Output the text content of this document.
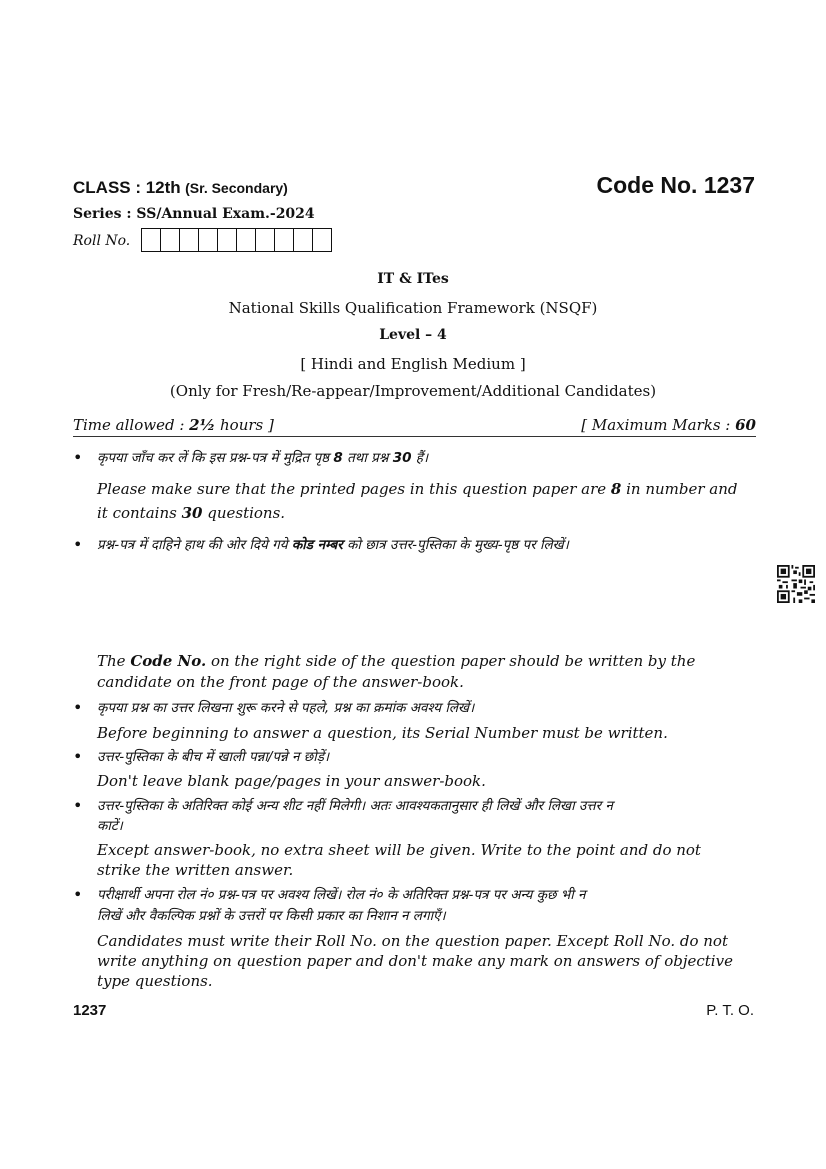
CLASS : 12th (Sr. Secondary)	Code No. 1237
Series : SS/Annual Exam.-2024
Roll No.
IT & ITes
National Skills Qualification Framework (NSQF)
Level – 4
[ Hindi and English Medium ]
(Only for Fresh/Re-appear/Improvement/Additional Candidates)
Time allowed : 2½ hours ]	[ Maximum Marks : 60
• कृपया जाँच कर लें कि इस प्रश्न-पत्र में मुद्रित पृष्ठ 8 तथा प्रश्न 30 हैं।
Please make sure that the printed pages in this question paper are 8 in number and
it contains 30 questions.
• प्रश्न-पत्र में दाहिने हाथ की ओर दिये गये कोड नम्बर को छात्र उत्तर-पुस्तिका के मुख्य-पृष्ठ पर लिखें।
The Code No. on the right side of the question paper should be written by the
candidate on the front page of the answer-book.
• कृपया प्रश्न का उत्तर लिखना शुरू करने से पहले, प्रश्न का क्रमांक अवश्य लिखें।
Before beginning to answer a question, its Serial Number must be written.
• उत्तर-पुस्तिका के बीच में खाली पन्ना/पन्ने न छोड़ें।
Don't leave blank page/pages in your answer-book.
• उत्तर-पुस्तिका के अतिरिक्त कोई अन्य शीट नहीं मिलेगी। अतः आवश्यकतानुसार ही लिखें और लिखा उत्तर न
काटें।
Except answer-book, no extra sheet will be given. Write to the point and do not
strike the written answer.
• परीक्षार्थी अपना रोल नं० प्रश्न-पत्र पर अवश्य लिखें। रोल नं० के अतिरिक्त प्रश्न-पत्र पर अन्य कुछ भी न
लिखें और वैकल्पिक प्रश्नों के उत्तरों पर किसी प्रकार का निशान न लगाएँ।
Candidates must write their Roll No. on the question paper. Except Roll No. do not
write anything on question paper and don't make any mark on answers of objective
type questions.
1237	P. T. O.
